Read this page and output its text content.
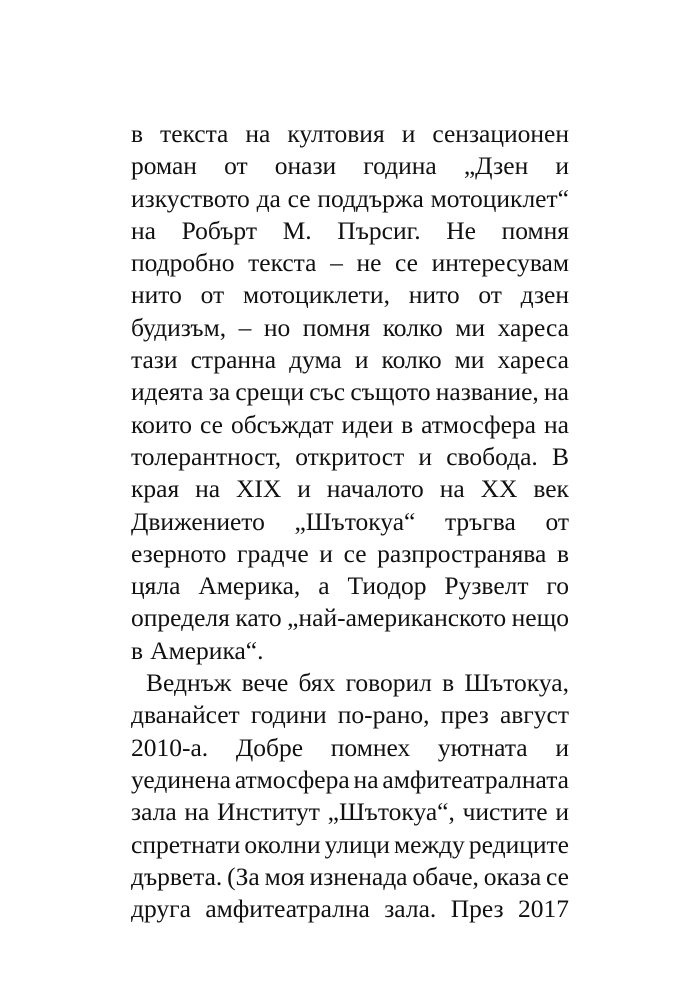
в текста на култовия и сензационен
роман от онази година „Дзен и
изкуството да се поддържа мотоциклет“
на Робърт М. Пърсиг. Не помня
подробно текста – не се интересувам
нито от мотоциклети, нито от дзен
будизъм, – но помня колко ми хареса
тази странна дума и колко ми хареса
идеята за срещи със същото название, на
които се обсъждат идеи в атмосфера на
толерантност, откритост и свобода. В
края на XIX и началото на XX век
Движението „Шътокуа“ тръгва от
езерното градче и се разпространява в
цяла Америка, а Тиодор Рузвелт го
определя като „най-американското нещо
в Америка“.
Веднъж вече бях говорил в Шътокуа,
дванайсет години по-рано, през август
2010-а. Добре помнех уютната и
уединена атмосфера на амфитеатралната
зала на Институт „Шътокуа“, чистите и
спретнати околни улици между редиците
дървета. (За моя изненада обаче, оказа се
друга амфитеатрална зала. През 2017
